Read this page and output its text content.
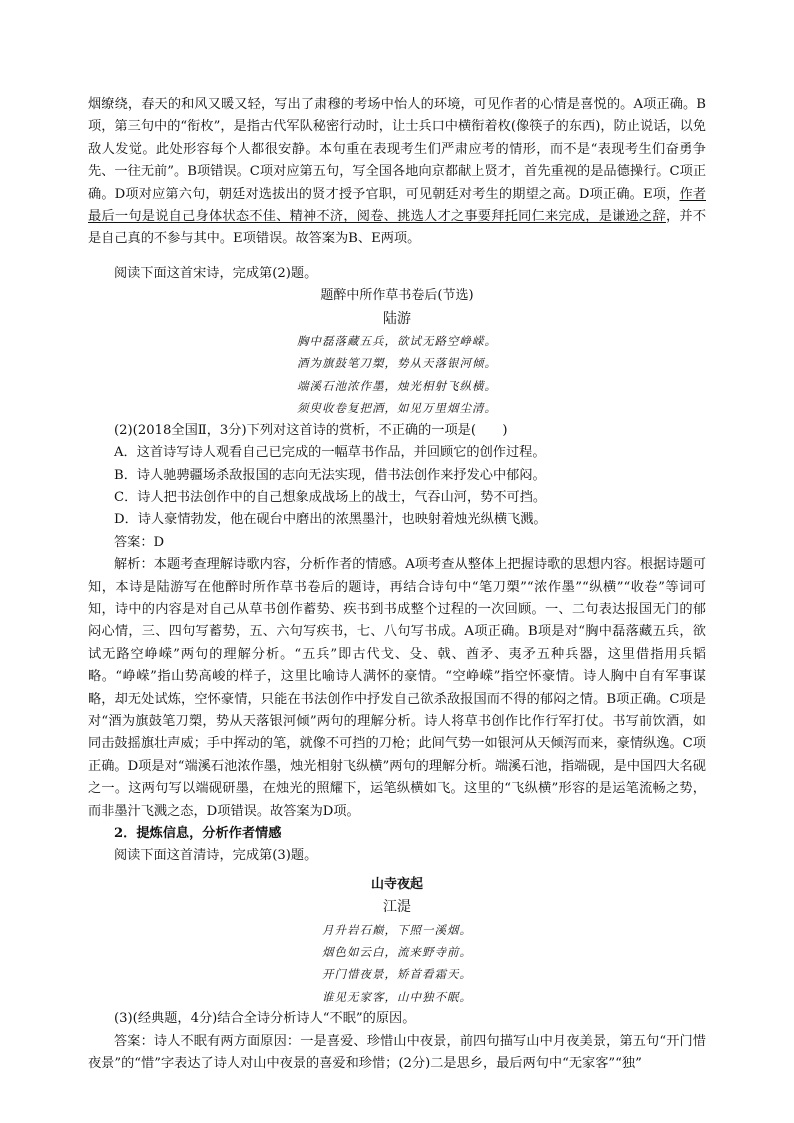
烟缭绕，春天的和风又暖又轻，写出了肃穆的考场中怡人的环境，可见作者的心情是喜悦的。A项正确。B项，第三句中的“衔枚”，是指古代军队秘密行动时，让士兵口中横衔着枚(像筷子的东西)，防止说话，以免敌人发觉。此处形容每个人都很安静。本句重在表现考生们严肃应考的情形，而不是“表现考生们奋勇争先、一往无前”。B项错误。C项对应第五句，写全国各地向京都献上贤才，首先重视的是品德操行。C项正确。D项对应第六句，朝廷对选拔出的贤才授予官职，可见朝廷对考生的期望之高。D项正确。E项，作者最后一句是说自己身体状态不佳、精神不济，阅卷、挑选人才之事要拜托同仁来完成，是谦逊之辞，并不是自己真的不参与其中。E项错误。故答案为B、E两项。

阅读下面这首宋诗，完成第(2)题。

题醉中所作草书卷后(节选)

陆游

胸中磊落藏五兵，欲试无路空峥嵘。

酒为旗鼓笔刀槊，势从天落银河倾。

端溪石池浓作墨，烛光相射飞纵横。

须臾收卷复把酒，如见万里烟尘清。

(2)(2018全国Ⅱ，3分)下列对这首诗的赏析，不正确的一项是(　　)

A．这首诗写诗人观看自己已完成的一幅草书作品，并回顾它的创作过程。

B．诗人驰骋疆场杀敌报国的志向无法实现，借书法创作来抒发心中郁闷。

C．诗人把书法创作中的自己想象成战场上的战士，气吞山河，势不可挡。

D．诗人豪情勃发，他在砚台中磨出的浓黑墨汁，也映射着烛光纵横飞溅。

答案：D

解析：本题考查理解诗歌内容，分析作者的情感。A项考查从整体上把握诗歌的思想内容。根据诗题可知，本诗是陆游写在他醉时所作草书卷后的题诗，再结合诗句中“笔刀槊”“浓作墨”“纵横”“收卷”等词可知，诗中的内容是对自己从草书创作蓄势、疾书到书成整个过程的一次回顾。一、二句表达报国无门的郁闷心情，三、四句写蓄势，五、六句写疾书，七、八句写书成。A项正确。B项是对“胸中磊落藏五兵，欲试无路空峥嵘”两句的理解分析。“五兵”即古代戈、殳、戟、酋矛、夷矛五种兵器，这里借指用兵韬略。“峥嵘”指山势高峻的样子，这里比喻诗人满怀的豪情。“空峥嵘”指空怀豪情。诗人胸中自有军事谋略，却无处试炼，空怀豪情，只能在书法创作中抒发自己欲杀敌报国而不得的郁闷之情。B项正确。C项是对“酒为旗鼓笔刀槊，势从天落银河倾”两句的理解分析。诗人将草书创作比作行军打仗。书写前饮酒，如同击鼓摇旗壮声威；手中挥动的笔，就像不可挡的刀枪；此间气势一如银河从天倾泻而来，豪情纵逸。C项正确。D项是对“端溪石池浓作墨，烛光相射飞纵横”两句的理解分析。端溪石池，指端砚，是中国四大名砚之一。这两句写以端砚研墨，在烛光的照耀下，运笔纵横如飞。这里的“飞纵横”形容的是运笔流畅之势，而非墨汁飞溅之态，D项错误。故答案为D项。

2．提炼信息，分析作者情感

阅读下面这首清诗，完成第(3)题。

山寺夜起

江湜

月升岩石巅，下照一溪烟。

烟色如云白，流来野寺前。

开门惜夜景，矫首看霜天。

谁见无家客，山中独不眠。

(3)(经典题，4分)结合全诗分析诗人“不眠”的原因。

答案：诗人不眠有两方面原因：一是喜爱、珍惜山中夜景，前四句描写山中月夜美景，第五句“开门惜夜景”的“惜”字表达了诗人对山中夜景的喜爱和珍惜；(2分)二是思乡，最后两句中“无家客”“独”
